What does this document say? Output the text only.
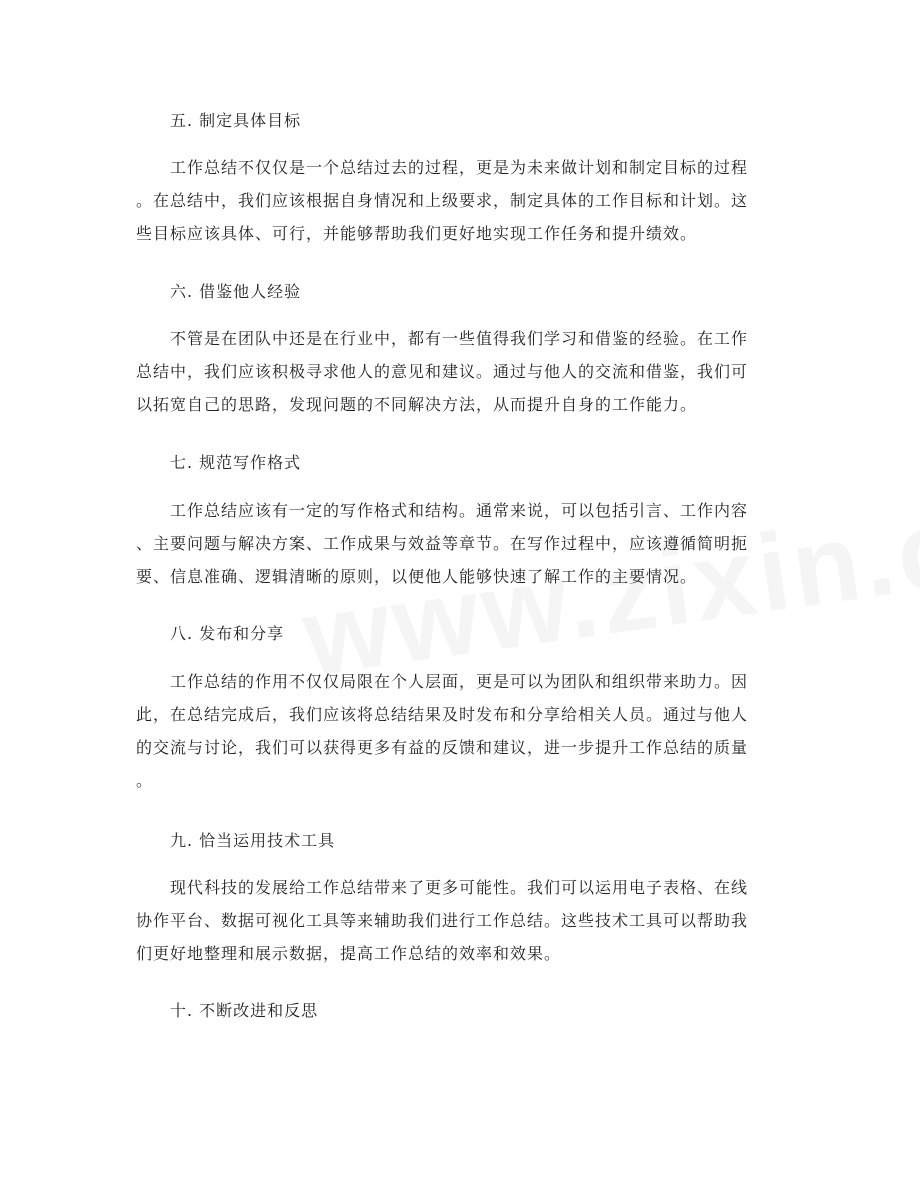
五. 制定具体目标
工作总结不仅仅是一个总结过去的过程，更是为未来做计划和制定目标的过程
。在总结中，我们应该根据自身情况和上级要求，制定具体的工作目标和计划。这
些目标应该具体、可行，并能够帮助我们更好地实现工作任务和提升绩效。
六. 借鉴他人经验
不管是在团队中还是在行业中，都有一些值得我们学习和借鉴的经验。在工作
总结中，我们应该积极寻求他人的意见和建议。通过与他人的交流和借鉴，我们可
以拓宽自己的思路，发现问题的不同解决方法，从而提升自身的工作能力。
七. 规范写作格式
工作总结应该有一定的写作格式和结构。通常来说，可以包括引言、工作内容
、主要问题与解决方案、工作成果与效益等章节。在写作过程中，应该遵循简明扼
要、信息准确、逻辑清晰的原则，以便他人能够快速了解工作的主要情况。
八. 发布和分享
工作总结的作用不仅仅局限在个人层面，更是可以为团队和组织带来助力。因
此，在总结完成后，我们应该将总结结果及时发布和分享给相关人员。通过与他人
的交流与讨论，我们可以获得更多有益的反馈和建议，进一步提升工作总结的质量
。
九. 恰当运用技术工具
现代科技的发展给工作总结带来了更多可能性。我们可以运用电子表格、在线
协作平台、数据可视化工具等来辅助我们进行工作总结。这些技术工具可以帮助我
们更好地整理和展示数据，提高工作总结的效率和效果。
十. 不断改进和反思
